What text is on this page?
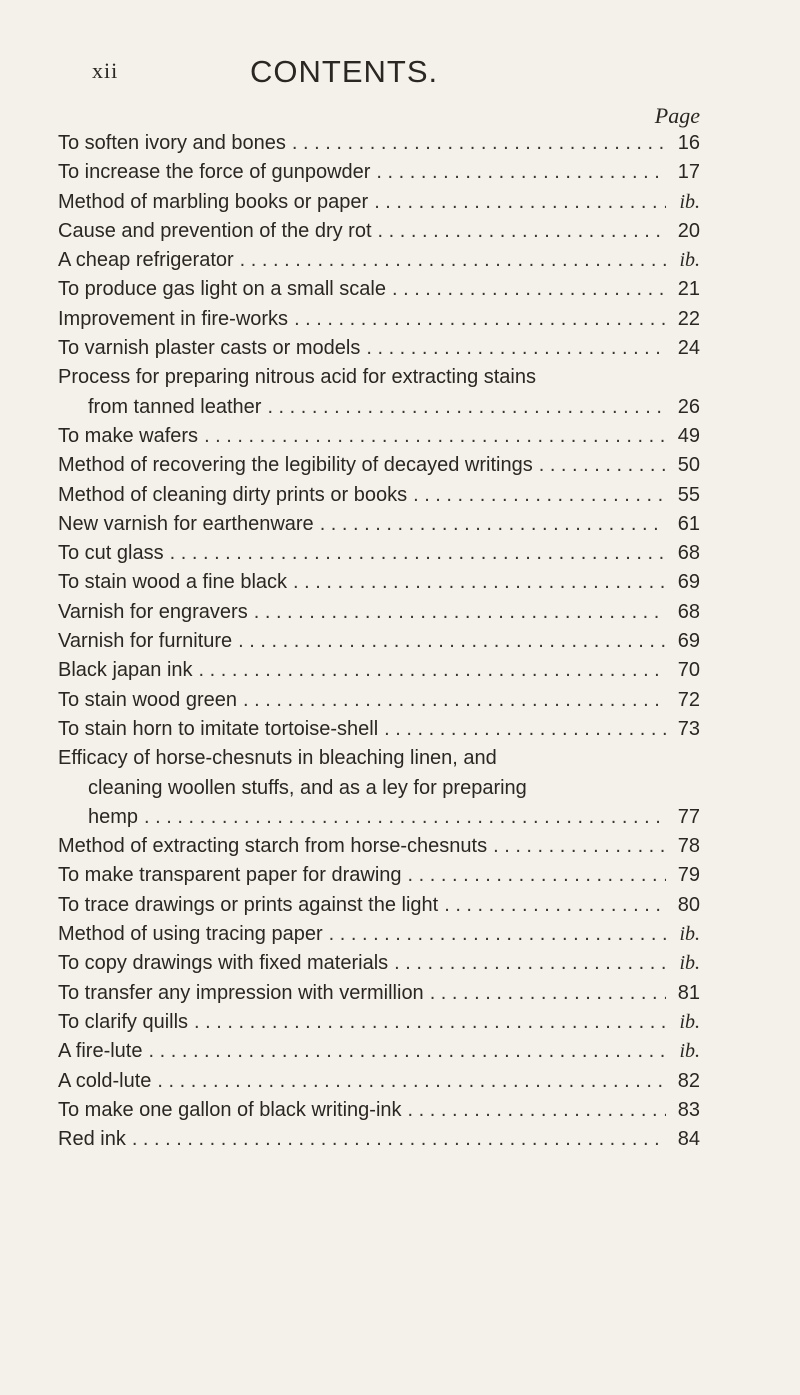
xii	CONTENTS.
Page
To soften ivory and bones . . .	16
To increase the force of gunpowder . . .	17
Method of marbling books or paper . . .	ib.
Cause and prevention of the dry rot . . .	20
A cheap refrigerator . . .	ib.
To produce gas light on a small scale . . .	21
Improvement in fire-works . . .	22
To varnish plaster casts or models . . .	24
Process for preparing nitrous acid for extracting stains
from tanned leather . . .	26
To make wafers . . .	49
Method of recovering the legibility of decayed writings . . .	50
Method of cleaning dirty prints or books . . .	55
New varnish for earthenware . . .	61
To cut glass . . .	68
To stain wood a fine black . . .	69
Varnish for engravers . . .	68
Varnish for furniture . . .	69
Black japan ink . . .	70
To stain wood green . . .	72
To stain horn to imitate tortoise-shell . . .	73
Efficacy of horse-chesnuts in bleaching linen, and
cleaning woollen stuffs, and as a ley for preparing
hemp . . .	77
Method of extracting starch from horse-chesnuts . . .	78
To make transparent paper for drawing . . .	79
To trace drawings or prints against the light . . .	80
Method of using tracing paper . . .	ib.
To copy drawings with fixed materials . . .	ib.
To transfer any impression with vermillion . . .	81
To clarify quills . . .	ib.
A fire-lute . . .	ib.
A cold-lute . . .	82
To make one gallon of black writing-ink . . .	83
Red ink . . .	84
